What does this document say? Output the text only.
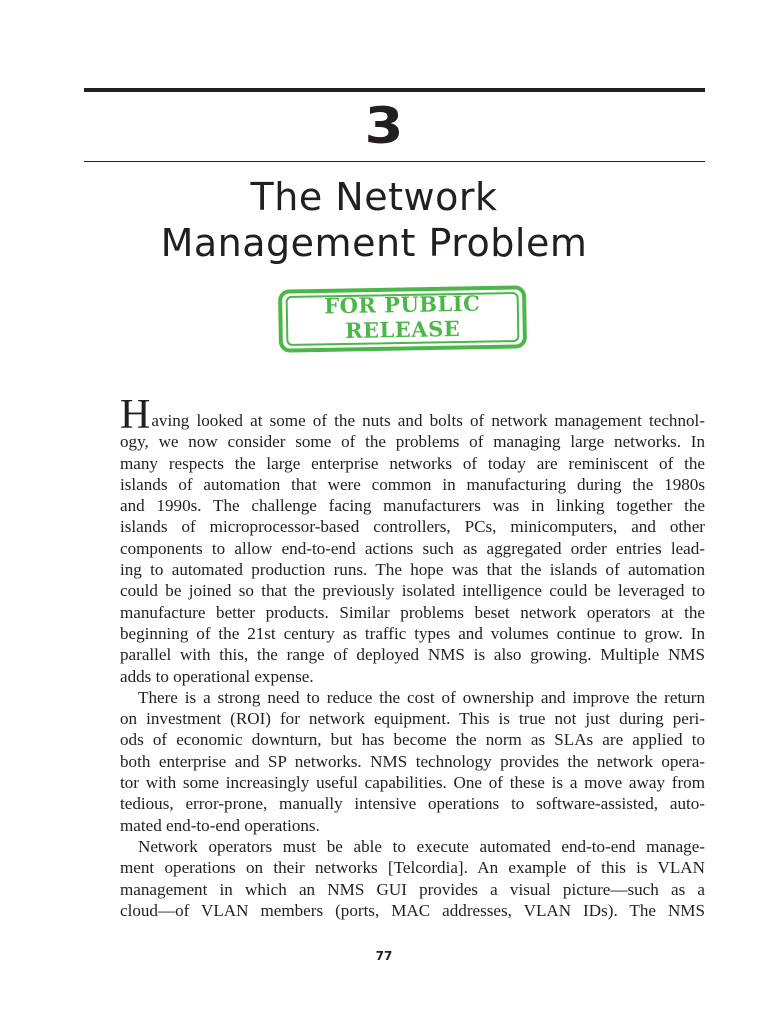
3
The Network
Management Problem
FOR PUBLIC
RELEASE
Having looked at some of the nuts and bolts of network management technol-
ogy, we now consider some of the problems of managing large networks. In
many respects the large enterprise networks of today are reminiscent of the
islands of automation that were common in manufacturing during the 1980s
and 1990s. The challenge facing manufacturers was in linking together the
islands of microprocessor-based controllers, PCs, minicomputers, and other
components to allow end-to-end actions such as aggregated order entries lead-
ing to automated production runs. The hope was that the islands of automation
could be joined so that the previously isolated intelligence could be leveraged to
manufacture better products. Similar problems beset network operators at the
beginning of the 21st century as traffic types and volumes continue to grow. In
parallel with this, the range of deployed NMS is also growing. Multiple NMS
adds to operational expense.
There is a strong need to reduce the cost of ownership and improve the return
on investment (ROI) for network equipment. This is true not just during peri-
ods of economic downturn, but has become the norm as SLAs are applied to
both enterprise and SP networks. NMS technology provides the network opera-
tor with some increasingly useful capabilities. One of these is a move away from
tedious, error-prone, manually intensive operations to software-assisted, auto-
mated end-to-end operations.
Network operators must be able to execute automated end-to-end manage-
ment operations on their networks [Telcordia]. An example of this is VLAN
management in which an NMS GUI provides a visual picture—such as a
cloud—of VLAN members (ports, MAC addresses, VLAN IDs). The NMS
77
